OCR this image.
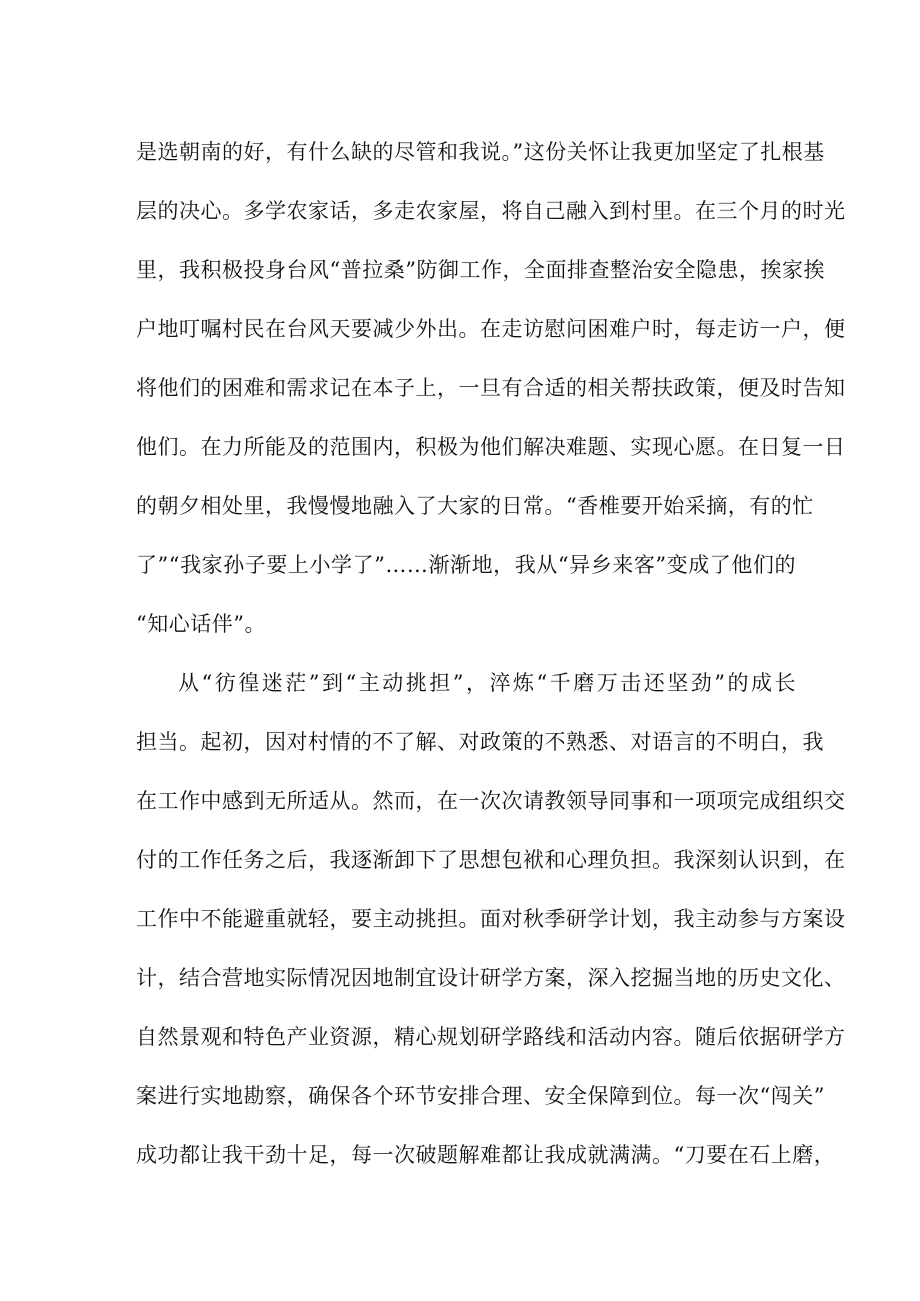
是选朝南的好，有什么缺的尽管和我说。”这份关怀让我更加坚定了扎根基

层的决心。多学农家话，多走农家屋，将自己融入到村里。在三个月的时光

里，我积极投身台风“普拉桑”防御工作，全面排查整治安全隐患，挨家挨

户地叮嘱村民在台风天要减少外出。在走访慰问困难户时，每走访一户，便

将他们的困难和需求记在本子上，一旦有合适的相关帮扶政策，便及时告知

他们。在力所能及的范围内，积极为他们解决难题、实现心愿。在日复一日

的朝夕相处里，我慢慢地融入了大家的日常。“香椎要开始采摘，有的忙

了”“我家孙子要上小学了”……渐渐地，我从“异乡来客”变成了他们的

“知心话伴”。

从“彷徨迷茫”到“主动挑担”，淬炼“千磨万击还坚劲”的成长

担当。起初，因对村情的不了解、对政策的不熟悉、对语言的不明白，我

在工作中感到无所适从。然而，在一次次请教领导同事和一项项完成组织交

付的工作任务之后，我逐渐卸下了思想包袱和心理负担。我深刻认识到，在

工作中不能避重就轻，要主动挑担。面对秋季研学计划，我主动参与方案设

计，结合营地实际情况因地制宜设计研学方案，深入挖掘当地的历史文化、

自然景观和特色产业资源，精心规划研学路线和活动内容。随后依据研学方

案进行实地勘察，确保各个环节安排合理、安全保障到位。每一次“闯关”

成功都让我干劲十足，每一次破题解难都让我成就满满。“刀要在石上磨，
